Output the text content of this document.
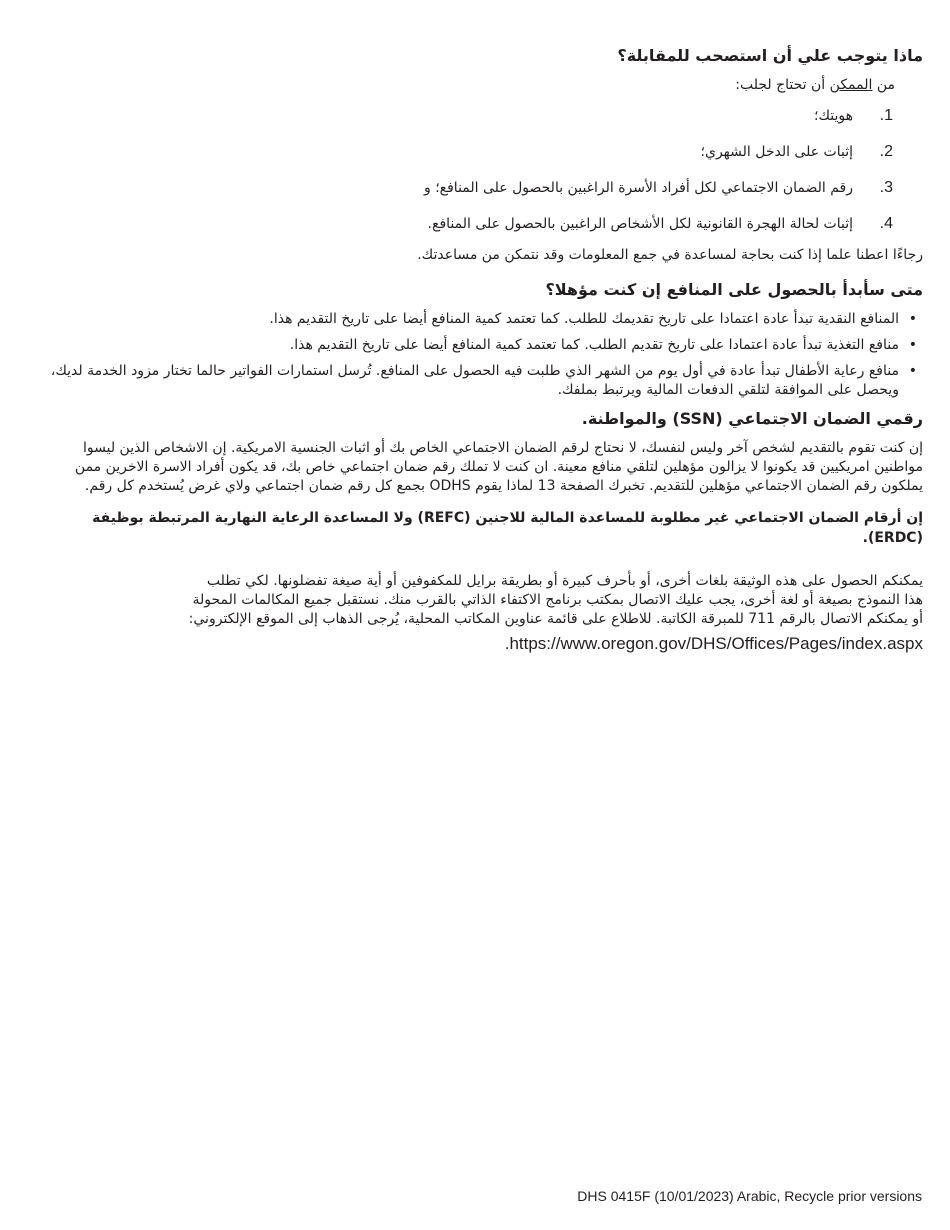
ماذا يتوجب علي أن استصحب للمقابلة؟
من الممكن أن تحتاج لجلب:
1.
هويتك؛
2.
إثبات على الدخل الشهري؛
3.
رقم الضمان الاجتماعي لكل أفراد الأسرة الراغبين بالحصول على المنافع؛ و
4.
إثبات لحالة الهجرة القانونية لكل الأشخاص الراغبين بالحصول على المنافع.
رجاءًا اعطنا علما إذا كنت بحاجة لمساعدة في جمع المعلومات وقد نتمكن من مساعدتك.
متى سأبدأ بالحصول على المنافع إن كنت مؤهلا؟
•
المنافع النقدية تبدأ عادة اعتمادا على تاريخ تقديمك للطلب. كما تعتمد كمية المنافع أيضا على تاريخ التقديم هذا.
•
منافع التغذية تبدأ عادة اعتمادا على تاريخ تقديم الطلب. كما تعتمد كمية المنافع أيضا على تاريخ التقديم هذا.
•
منافع رعاية الأطفال تبدأ عادة في أول يوم من الشهر الذي طلبت فيه الحصول على المنافع. تُرسل استمارات الفواتير حالما تختار مزود الخدمة لديك، ويحصل على الموافقة لتلقي الدفعات المالية ويرتبط بملفك.
رقمي الضمان الاجتماعي (SSN) والمواطنة.
إن كنت تقوم بالتقديم لشخص آخر وليس لنفسك، لا نحتاج لرقم الضمان الاجتماعي الخاص بك أو اثبات الجنسية الامريكية. إن الاشخاص الذين ليسوا مواطنين امريكيين قد يكونوا لا يزالون مؤهلين لتلقي منافع معينة. ان كنت لا تملك رقم ضمان اجتماعي خاص بك، قد يكون أفراد الاسرة الاخرين ممن يملكون رقم الضمان الاجتماعي مؤهلين للتقديم. تخبرك الصفحة 13 لماذا يقوم ODHS بجمع كل رقم ضمان اجتماعي ولاي غرض يُستخدم كل رقم.
إن أرقام الضمان الاجتماعي غير مطلوبة للمساعدة المالية للاجنين (REFC) ولا المساعدة الرعاية النهارية المرتبطة بوظيفة (ERDC).
يمكنكم الحصول على هذه الوثيقة بلغات أخرى، أو بأحرف كبيرة أو بطريقة برايل للمكفوفين أو أية صيغة تفضلونها. لكي تطلب
هذا النموذج بصيغة أو لغة أخرى، يجب عليك الاتصال بمكتب برنامج الاكتفاء الذاتي بالقرب منك. نستقبل جميع المكالمات المحولة
أو يمكنكم الاتصال بالرقم 711 للمبرقة الكاتبة. للاطلاع على قائمة عناوين المكاتب المحلية، يُرجى الذهاب إلى الموقع الإلكتروني:
https://www.oregon.gov/DHS/Offices/Pages/index.aspx.
DHS 0415F (10/01/2023) Arabic, Recycle prior versions
